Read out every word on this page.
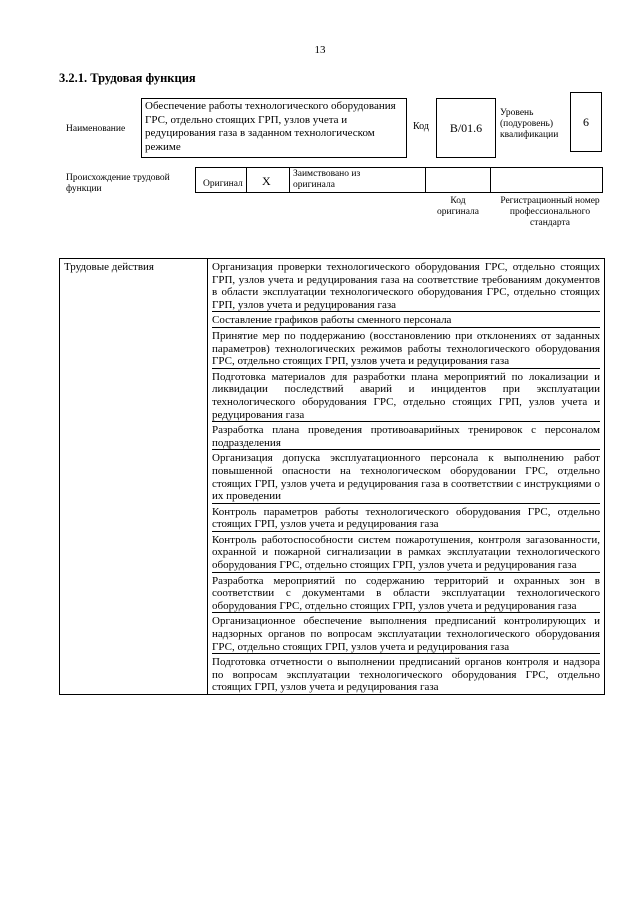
13
3.2.1. Трудовая функция
Наименование
Обеспечение работы технологического оборудования ГРС, отдельно стоящих ГРП, узлов учета и редуцирования газа в заданном технологическом режиме
Код B/01.6
Уровень (подуровень) квалификации
6
Происхождение трудовой функции	Оригинал X Заимствовано из оригинала
Код оригинала
Регистрационный номер профессионального стандарта
Трудовые действия	Организация проверки технологического оборудования ГРС, отдельно стоящих ГРП, узлов учета и редуцирования газа на соответствие требованиям документов в области эксплуатации технологического оборудования ГРС, отдельно стоящих ГРП, узлов учета и редуцирования газа
Составление графиков работы сменного персонала
Принятие мер по поддержанию (восстановлению при отклонениях от заданных параметров) технологических режимов работы технологического оборудования ГРС, отдельно стоящих ГРП, узлов учета и редуцирования газа
Подготовка материалов для разработки плана мероприятий по локализации и ликвидации последствий аварий и инцидентов при эксплуатации технологического оборудования ГРС, отдельно стоящих ГРП, узлов учета и редуцирования газа
Разработка плана проведения противоаварийных тренировок с персоналом подразделения
Организация допуска эксплуатационного персонала к выполнению работ повышенной опасности на технологическом оборудовании ГРС, отдельно стоящих ГРП, узлов учета и редуцирования газа в соответствии с инструкциями о их проведении
Контроль параметров работы технологического оборудования ГРС, отдельно стоящих ГРП, узлов учета и редуцирования газа
Контроль работоспособности систем пожаротушения, контроля загазованности, охранной и пожарной сигнализации в рамках эксплуатации технологического оборудования ГРС, отдельно стоящих ГРП, узлов учета и редуцирования газа
Разработка мероприятий по содержанию территорий и охранных зон в соответствии с документами в области эксплуатации технологического оборудования ГРС, отдельно стоящих ГРП, узлов учета и редуцирования газа
Организационное обеспечение выполнения предписаний контролирующих и надзорных органов по вопросам эксплуатации технологического оборудования ГРС, отдельно стоящих ГРП, узлов учета и редуцирования газа
Подготовка отчетности о выполнении предписаний органов контроля и надзора по вопросам эксплуатации технологического оборудования ГРС, отдельно стоящих ГРП, узлов учета и редуцирования газа
